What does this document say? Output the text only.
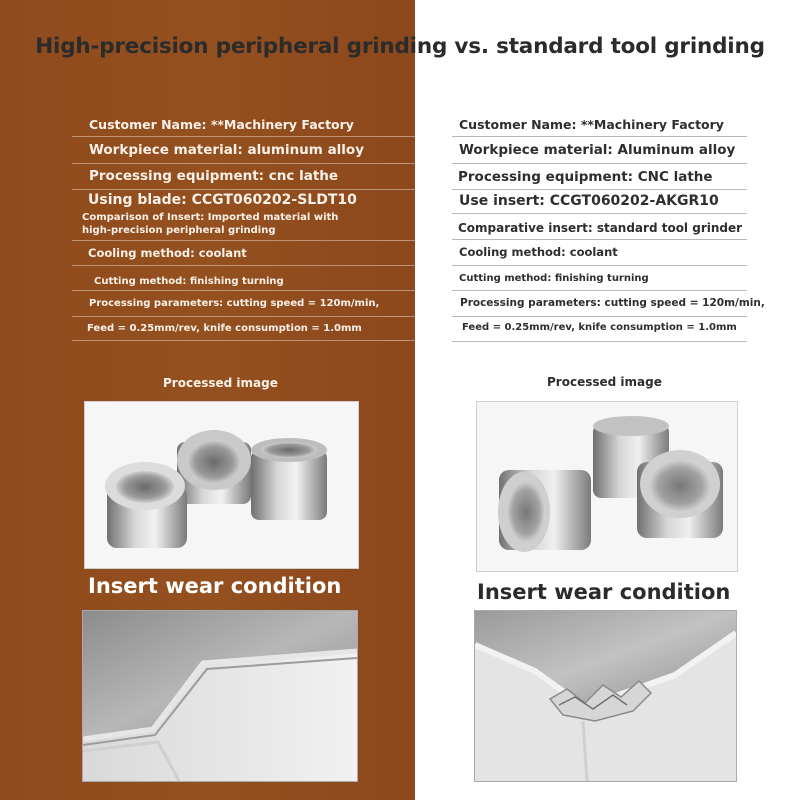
High-precision peripheral grinding vs. standard tool grinding
Customer Name: **Machinery Factory
Workpiece material: aluminum alloy
Processing equipment: cnc lathe
Using blade: CCGT060202-SLDT10
Comparison of Insert: Imported material with
high-precision peripheral grinding
Cooling method: coolant
Cutting method: finishing turning
Processing parameters: cutting speed = 120m/min,
Feed = 0.25mm/rev, knife consumption = 1.0mm
Customer Name: **Machinery Factory
Workpiece material: Aluminum alloy
Processing equipment: CNC lathe
Use insert: CCGT060202-AKGR10
Comparative insert: standard tool grinder
Cooling method: coolant
Cutting method: finishing turning
Processing parameters: cutting speed = 120m/min,
Feed = 0.25mm/rev, knife consumption = 1.0mm
Processed image	Processed image
Insert wear condition	Insert wear condition
